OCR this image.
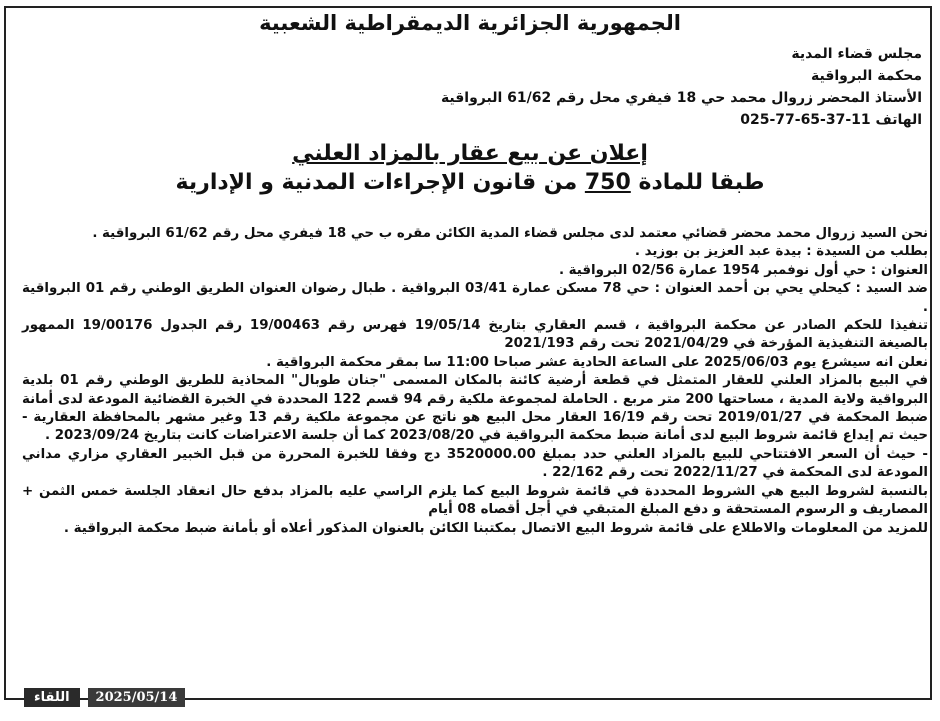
الجمهورية الجزائرية الديمقراطية الشعبية
مجلس قضاء المدية
محكمة البرواقية
الأستاذ المحضر زروال محمد حي 18 فيفري محل رقم 61/62 البرواقية
الهاتف 11-37-65-77-025
إعلان عن بيع عقار بالمزاد العلني
طبقا للمادة 750 من قانون الإجراءات المدنية و الإدارية

نحن السيد زروال محمد محضر قضائي معتمد لدى مجلس قضاء المدية الكائن مقره ب حي 18 فيفري محل رقم 61/62 البرواقية .

بطلب من السيدة : بيدة عبد العزيز بن بوزيد .

العنوان : حي أول نوفمبر 1954 عمارة 02/56 البرواقية .

ضد السيد : كيحلي يحي بن أحمد العنوان : حي 78 مسكن عمارة 03/41 البرواقية . طبال رضوان العنوان الطريق الوطني رقم 01 البرواقية .

تنفيذا للحكم الصادر عن محكمة البرواقية ، قسم العقاري بتاريخ 19/05/14 فهرس رقم 19/00463 رقم الجدول 19/00176 الممهور بالصيغة التنفيذية المؤرخة في 2021/04/29 تحت رقم 2021/193

نعلن انه سيشرع يوم 2025/06/03 على الساعة الحادية عشر صباحا 11:00 سا بمقر محكمة البرواقية .

في البيع بالمزاد العلني للعقار المتمثل في قطعة أرضية كائنة بالمكان المسمى "جنان طوبال" المحاذية للطريق الوطني رقم 01 بلدية البرواقية ولاية المدية ، مساحتها 200 متر مربع . الحاملة لمجموعة ملكية رقم 94 قسم 122 المحددة في الخبرة القضائية المودعة لدى أمانة ضبط المحكمة في 2019/01/27 تحت رقم 16/19 العقار محل البيع هو ناتج عن مجموعة ملكية رقم 13 وغير مشهر بالمحافظة العقارية - حيث تم إيداع قائمة شروط البيع لدى أمانة ضبط محكمة البرواقية في 2023/08/20 كما أن جلسة الاعتراضات كانت بتاريخ 2023/09/24 .

- حيث أن السعر الافتتاحي للبيع بالمزاد العلني حدد بمبلغ 3520000.00 دج وفقا للخبرة المحررة من قبل الخبير العقاري مزاري مداني المودعة لدى المحكمة في 2022/11/27 تحت رقم 22/162 .

بالنسبة لشروط البيع هي الشروط المحددة في قائمة شروط البيع كما يلزم الراسي عليه بالمزاد بدفع حال انعقاد الجلسة خمس الثمن + المصاريف و الرسوم المستحقة و دفع المبلغ المتبقي في أجل أقصاه 08 أيام

للمزيد من المعلومات والاطلاع على قائمة شروط البيع الاتصال بمكتبنا الكائن بالعنوان المذكور أعلاه أو بأمانة ضبط محكمة البرواقية .

اللقاء	2025/05/14
